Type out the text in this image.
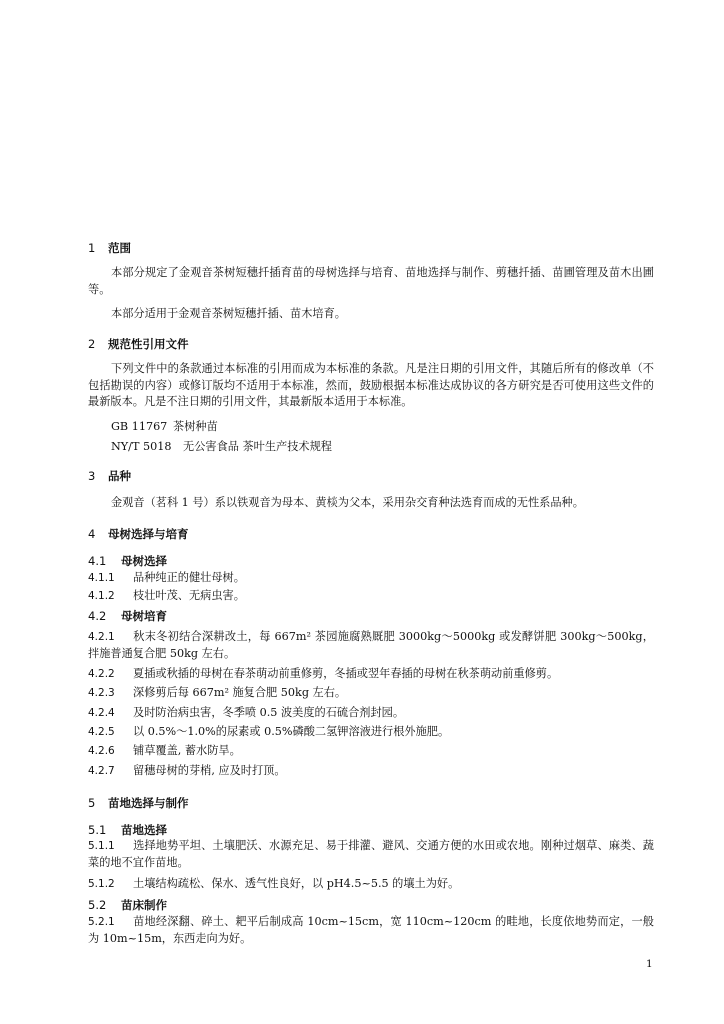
1 范围
本部分规定了金观音茶树短穗扦插育苗的母树选择与培育、苗地选择与制作、剪穗扦插、苗圃管理及苗木出圃等。
本部分适用于金观音茶树短穗扦插、苗木培育。
2 规范性引用文件
下列文件中的条款通过本标准的引用而成为本标准的条款。凡是注日期的引用文件，其随后所有的修改单（不包括勘误的内容）或修订版均不适用于本标准，然而，鼓励根据本标准达成协议的各方研究是否可使用这些文件的最新版本。凡是不注日期的引用文件，其最新版本适用于本标准。
GB 11767 茶树种苗
NY/T 5018 无公害食品 茶叶生产技术规程
3 品种
金观音（茗科 1 号）系以铁观音为母本、黄棪为父本，采用杂交育种法选育而成的无性系品种。
4 母树选择与培育
4.1 母树选择
4.1.1 品种纯正的健壮母树。
4.1.2 枝壮叶茂、无病虫害。
4.2 母树培育
4.2.1 秋末冬初结合深耕改土，每 667m² 茶园施腐熟厩肥 3000kg～5000kg 或发酵饼肥 300kg～500kg，拌施普通复合肥 50kg 左右。
4.2.2 夏插或秋插的母树在春茶萌动前重修剪，冬插或翌年春插的母树在秋茶萌动前重修剪。
4.2.3 深修剪后每 667m² 施复合肥 50kg 左右。
4.2.4 及时防治病虫害，冬季喷 0.5 波美度的石硫合剂封园。
4.2.5 以 0.5%～1.0%的尿素或 0.5%磷酸二氢钾溶液进行根外施肥。
4.2.6 铺草覆盖, 蓄水防旱。
4.2.7 留穗母树的芽梢, 应及时打顶。
5 苗地选择与制作
5.1 苗地选择
5.1.1 选择地势平坦、土壤肥沃、水源充足、易于排灌、避风、交通方便的水田或农地。刚种过烟草、麻类、蔬菜的地不宜作苗地。
5.1.2 土壤结构疏松、保水、透气性良好，以 pH4.5~5.5 的壤土为好。
5.2 苗床制作
5.2.1 苗地经深翻、碎土、耙平后制成高 10cm~15cm，宽 110cm~120cm 的畦地，长度依地势而定，一般为 10m~15m，东西走向为好。
1
